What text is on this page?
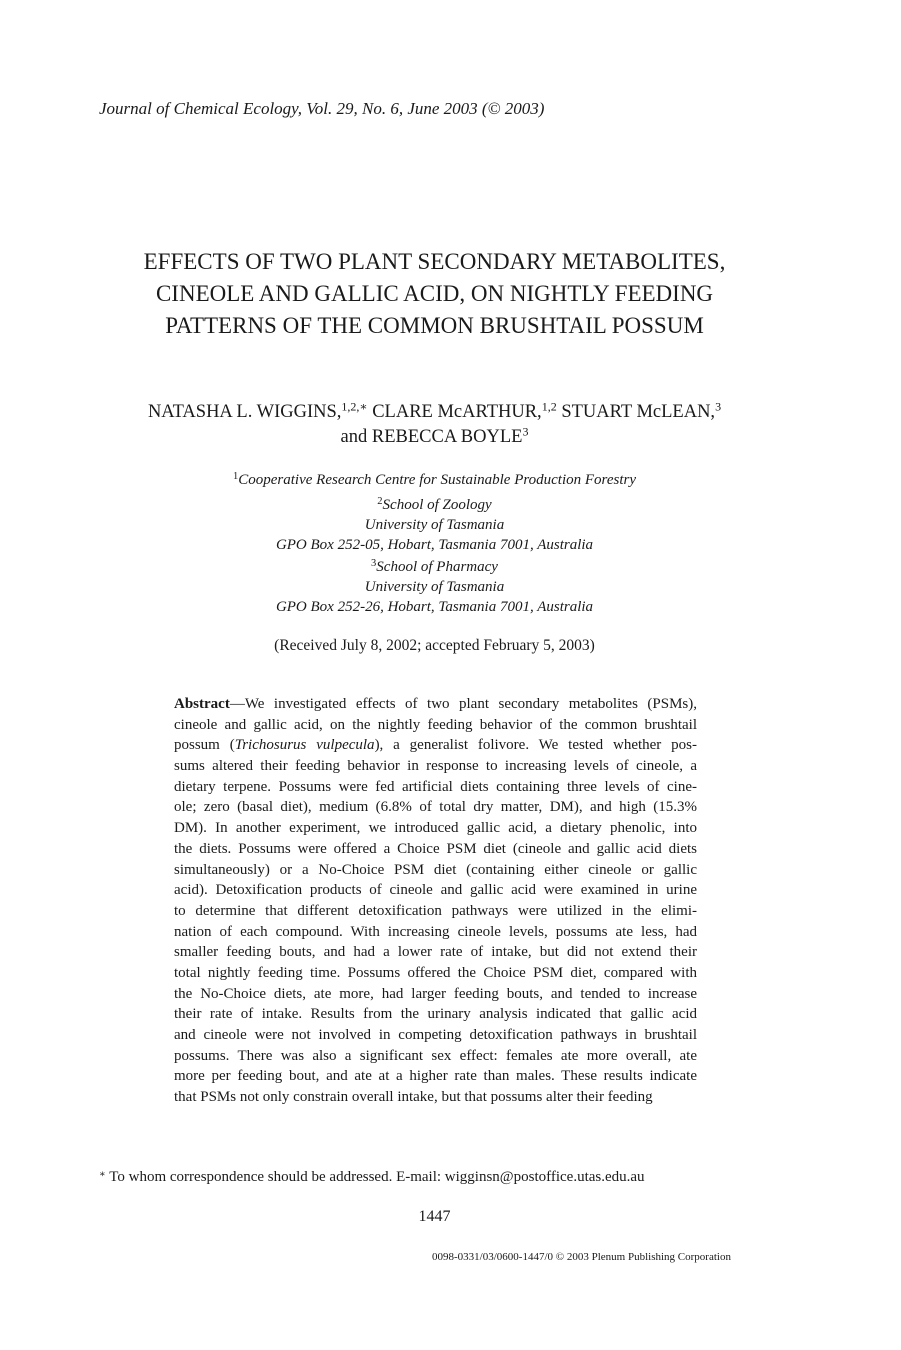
Journal of Chemical Ecology, Vol. 29, No. 6, June 2003 (© 2003)
EFFECTS OF TWO PLANT SECONDARY METABOLITES,
CINEOLE AND GALLIC ACID, ON NIGHTLY FEEDING
PATTERNS OF THE COMMON BRUSHTAIL POSSUM
NATASHA L. WIGGINS,$^{1,2,∗}$ CLARE McARTHUR,$^{1,2}$ STUART McLEAN,$^3$
and REBECCA BOYLE$^3$
$^1$Cooperative Research Centre for Sustainable Production Forestry
$^2$School of Zoology
University of Tasmania
GPO Box 252-05, Hobart, Tasmania 7001, Australia
$^3$School of Pharmacy
University of Tasmania
GPO Box 252-26, Hobart, Tasmania 7001, Australia
(Received July 8, 2002; accepted February 5, 2003)
Abstract—We investigated effects of two plant secondary metabolites (PSMs),
cineole and gallic acid, on the nightly feeding behavior of the common brushtail
possum (Trichosurus vulpecula), a generalist folivore. We tested whether pos-
sums altered their feeding behavior in response to increasing levels of cineole, a
dietary terpene. Possums were fed artificial diets containing three levels of cine-
ole; zero (basal diet), medium (6.8% of total dry matter, DM), and high (15.3%
DM). In another experiment, we introduced gallic acid, a dietary phenolic, into
the diets. Possums were offered a Choice PSM diet (cineole and gallic acid diets
simultaneously) or a No-Choice PSM diet (containing either cineole or gallic
acid). Detoxification products of cineole and gallic acid were examined in urine
to determine that different detoxification pathways were utilized in the elimi-
nation of each compound. With increasing cineole levels, possums ate less, had
smaller feeding bouts, and had a lower rate of intake, but did not extend their
total nightly feeding time. Possums offered the Choice PSM diet, compared with
the No-Choice diets, ate more, had larger feeding bouts, and tended to increase
their rate of intake. Results from the urinary analysis indicated that gallic acid
and cineole were not involved in competing detoxification pathways in brushtail
possums. There was also a significant sex effect: females ate more overall, ate
more per feeding bout, and ate at a higher rate than males. These results indicate
that PSMs not only constrain overall intake, but that possums alter their feeding
∗ To whom correspondence should be addressed. E-mail: wigginsn@postoffice.utas.edu.au
1447
0098-0331/03/0600-1447/0 © 2003 Plenum Publishing Corporation
